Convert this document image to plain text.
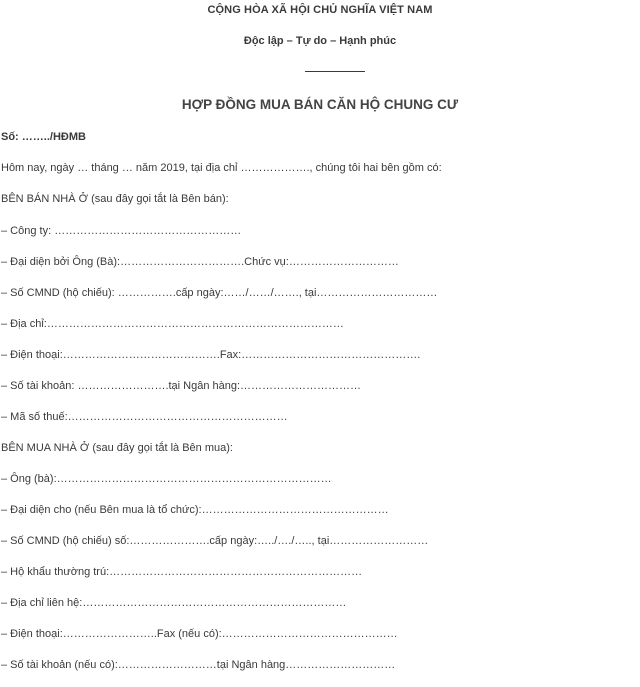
CỘNG HÒA XÃ HỘI CHỦ NGHĨA VIỆT NAM
Độc lập – Tự do – Hạnh phúc
HỢP ĐỒNG MUA BÁN CĂN HỘ CHUNG CƯ
Số: ……../HĐMB
Hôm nay, ngày … tháng … năm 2019, tại địa chỉ ………………., chúng tôi hai bên gồm có:
BÊN BÁN NHÀ Ở (sau đây gọi tắt là Bên bán):
– Công ty: ……………………………………………
– Đại diện bởi Ông (Bà):…………………………….Chức vụ:…………………………
– Số CMND (hộ chiếu): …………….cấp ngày:……/……/……., tại……………………………
– Địa chỉ:………………………………………………………………………
– Điện thoại:…………………………………….Fax:………………………………………….
– Số tài khoản: …………………….tại Ngân hàng:……………………………
– Mã số thuế:……………………………………………………
BÊN MUA NHÀ Ở (sau đây gọi tắt là Bên mua):
– Ông (bà):…………………………………………………………………
– Đại diện cho (nếu Bên mua là tổ chức):……………………………………………
– Số CMND (hộ chiếu) số:………………….cấp ngày:…../…./….., tại………………………
– Hộ khẩu thường trú:……………………………………………………………
– Địa chỉ liên hệ:………………………………………………………………
– Điện thoại:……………………..Fax (nếu có):…………………………………………
– Số tài khoản (nếu có):………………………tại Ngân hàng…………………………
